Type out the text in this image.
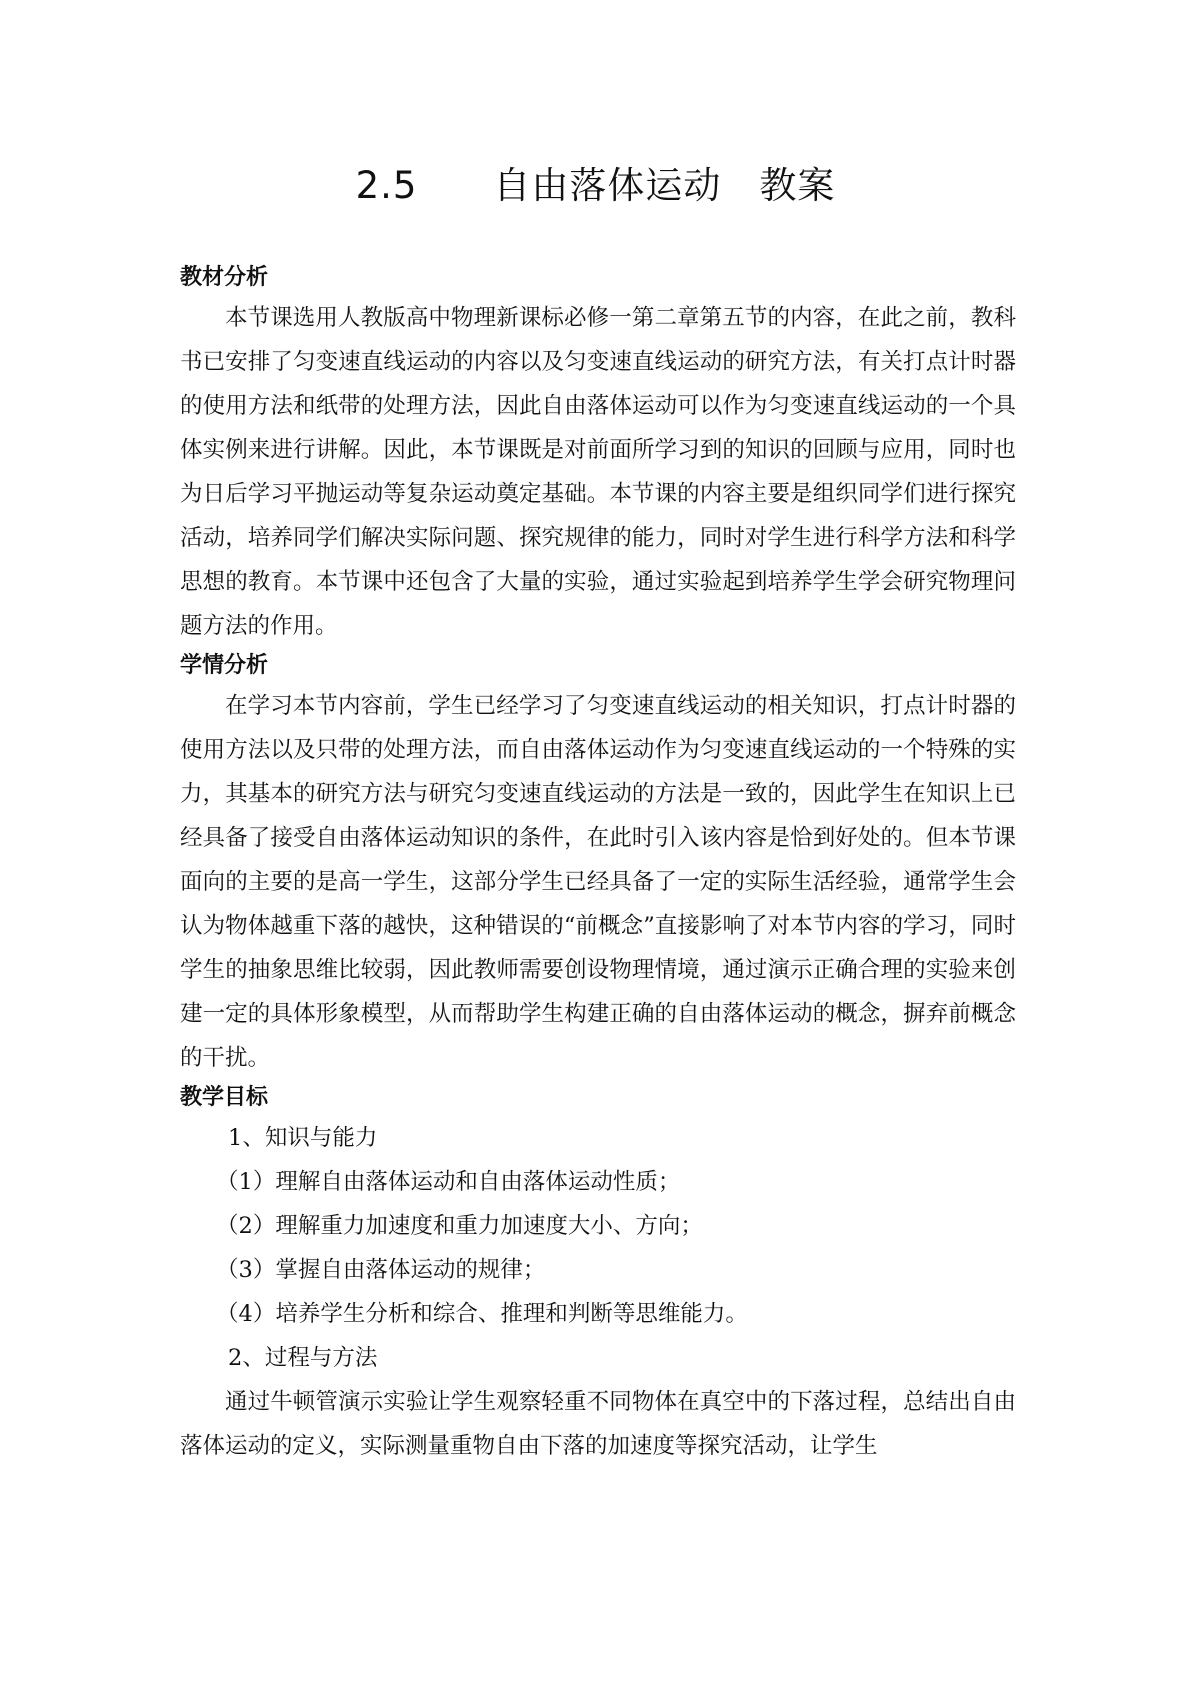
2.5　　自由落体运动　教案
教材分析

本节课选用人教版高中物理新课标必修一第二章第五节的内容，在此之前，教科书已安排了匀变速直线运动的内容以及匀变速直线运动的研究方法，有关打点计时器的使用方法和纸带的处理方法，因此自由落体运动可以作为匀变速直线运动的一个具体实例来进行讲解。因此，本节课既是对前面所学习到的知识的回顾与应用，同时也为日后学习平抛运动等复杂运动奠定基础。本节课的内容主要是组织同学们进行探究活动，培养同学们解决实际问题、探究规律的能力，同时对学生进行科学方法和科学思想的教育。本节课中还包含了大量的实验，通过实验起到培养学生学会研究物理问题方法的作用。

学情分析

在学习本节内容前，学生已经学习了匀变速直线运动的相关知识，打点计时器的使用方法以及只带的处理方法，而自由落体运动作为匀变速直线运动的一个特殊的实力，其基本的研究方法与研究匀变速直线运动的方法是一致的，因此学生在知识上已经具备了接受自由落体运动知识的条件，在此时引入该内容是恰到好处的。但本节课面向的主要的是高一学生，这部分学生已经具备了一定的实际生活经验，通常学生会认为物体越重下落的越快，这种错误的“前概念”直接影响了对本节内容的学习，同时学生的抽象思维比较弱，因此教师需要创设物理情境，通过演示正确合理的实验来创建一定的具体形象模型，从而帮助学生构建正确的自由落体运动的概念，摒弃前概念的干扰。

教学目标

1、知识与能力

（1）理解自由落体运动和自由落体运动性质；

（2）理解重力加速度和重力加速度大小、方向；

（3）掌握自由落体运动的规律；

（4）培养学生分析和综合、推理和判断等思维能力。

2、过程与方法

通过牛顿管演示实验让学生观察轻重不同物体在真空中的下落过程，总结出自由落体运动的定义，实际测量重物自由下落的加速度等探究活动，让学生
